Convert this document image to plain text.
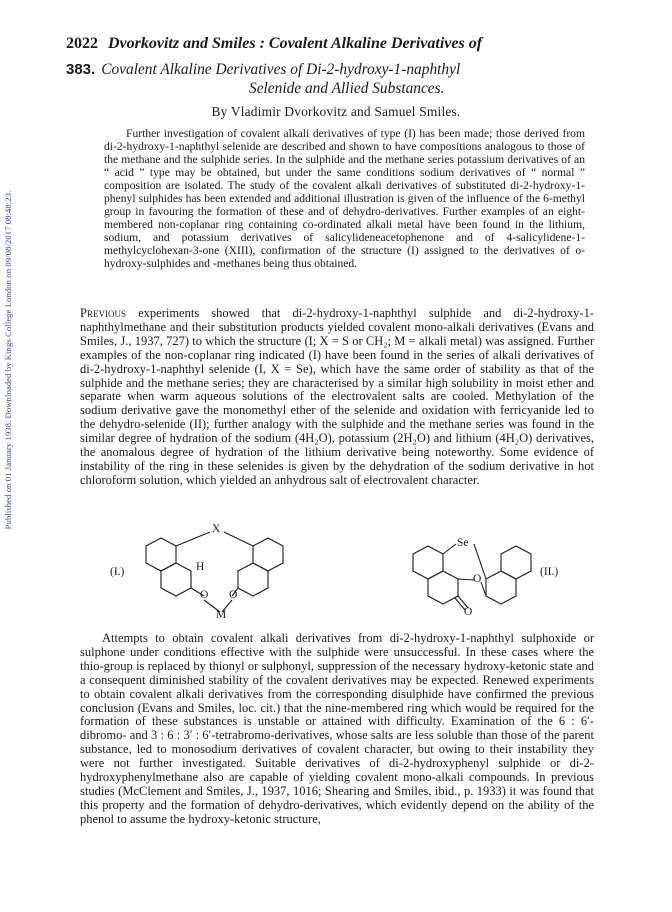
Published on 01 January 1938. Downloaded by Kings College London on 09/08/2017 08:48:23.
2022 Dvorkovitz and Smiles : Covalent Alkaline Derivatives of
383. Covalent Alkaline Derivatives of Di-2-hydroxy-1-naphthyl
Selenide and Allied Substances.
By Vladimir Dvorkovitz and Samuel Smiles.

Further investigation of covalent alkali derivatives of type (I) has been made; those derived from di-2-hydroxy-1-naphthyl selenide are described and shown to have compositions analogous to those of the methane and the sulphide series. In the sulphide and the methane series potassium derivatives of an “ acid ” type may be obtained, but under the same conditions sodium derivatives of “ normal ” composition are isolated. The study of the covalent alkali derivatives of substituted di-2-hydroxy-1-phenyl sulphides has been extended and additional illustration is given of the influence of the 6-methyl group in favouring the formation of these and of dehydro-derivatives. Further examples of an eight-membered non-coplanar ring containing co-ordinated alkali metal have been found in the lithium, sodium, and potassium derivatives of salicylideneacetophenone and of 4-salicylidene-1-methylcyclohexan-3-one (XIII), confirmation of the structure (I) assigned to the derivatives of o-hydroxy-sulphides and -methanes being thus obtained.

Previous experiments showed that di-2-hydroxy-1-naphthyl sulphide and di-2-hydroxy-1-naphthylmethane and their substitution products yielded covalent mono-alkali derivatives (Evans and Smiles, J., 1937, 727) to which the structure (I; X = S or CH₂; M = alkali metal) was assigned. Further examples of the non-coplanar ring indicated (I) have been found in the series of alkali derivatives of di-2-hydroxy-1-naphthyl selenide (I, X = Se), which have the same order of stability as that of the sulphide and the methane series; they are characterised by a similar high solubility in moist ether and separate when warm aqueous solutions of the electrovalent salts are cooled. Methylation of the sodium derivative gave the monomethyl ether of the selenide and oxidation with ferricyanide led to the dehydro-selenide (II); further analogy with the sulphide and the methane series was found in the similar degree of hydration of the sodium (4H₂O), potassium (2H₂O) and lithium (4H₂O) derivatives, the anomalous degree of hydration of the lithium derivative being noteworthy. Some evidence of instability of the ring in these selenides is given by the dehydration of the sodium derivative in hot chloroform solution, which yielded an anhydrous salt of electrovalent character.

(I.)
X
H
O O
M
Se
O
O
(II.)

Attempts to obtain covalent alkali derivatives from di-2-hydroxy-1-naphthyl sulphoxide or sulphone under conditions effective with the sulphide were unsuccessful. In these cases where the thio-group is replaced by thionyl or sulphonyl, suppression of the necessary hydroxy-ketonic state and a consequent diminished stability of the covalent derivatives may be expected. Renewed experiments to obtain covalent alkali derivatives from the corresponding disulphide have confirmed the previous conclusion (Evans and Smiles, loc. cit.) that the nine-membered ring which would be required for the formation of these substances is unstable or attained with difficulty. Examination of the 6 : 6′-dibromo- and 3 : 6 : 3′ : 6′-tetrabromo-derivatives, whose salts are less soluble than those of the parent substance, led to monosodium derivatives of covalent character, but owing to their instability they were not further investigated. Suitable derivatives of di-2-hydroxyphenyl sulphide or di-2-hydroxyphenylmethane also are capable of yielding covalent mono-alkali compounds. In previous studies (McClement and Smiles, J., 1937, 1016; Shearing and Smiles, ibid., p. 1933) it was found that this property and the formation of dehydro-derivatives, which evidently depend on the ability of the phenol to assume the hydroxy-ketonic structure,
